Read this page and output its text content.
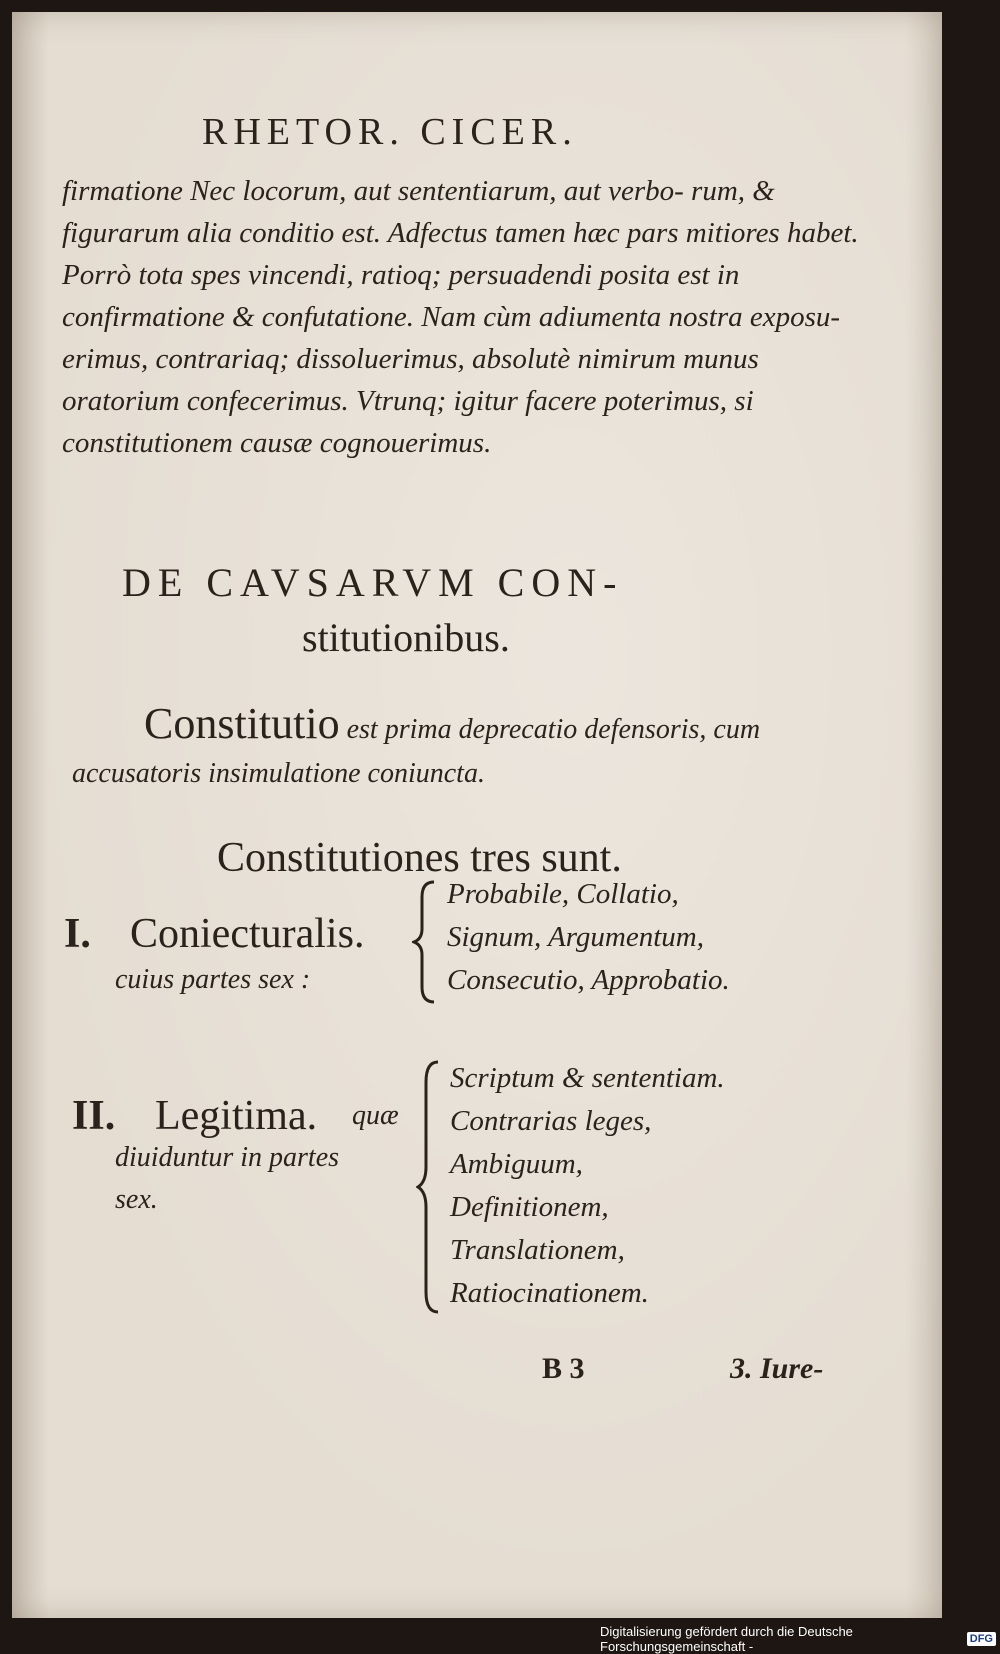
RHETOR. CICER.

firmatione Nec locorum, aut sententiarum, aut verbo- rum, & figurarum alia conditio est. Adfectus tamen hæc pars mitiores habet. Porrò tota spes vincendi, ratioq; persuadendi posita est in confirmatione & confutatione. Nam cùm adiumenta nostra exposu- erimus, contrariaq; dissoluerimus, absolutè nimirum munus oratorium confecerimus. Vtrunq; igitur facere poterimus, si constitutionem causæ cognouerimus.

DE CAVSARVM CON-
stitutionibus.

Constitutio est prima deprecatio defensoris, cum accusatoris insimulatione coniuncta.

Constitutiones tres sunt.
I. Coniecturalis.
cuius partes sex :
Probabile, Collatio,
Signum, Argumentum,
Consecutio, Approbatio.
II. Legitima. quæ
diuiduntur in partes
sex.
Scriptum & sententiam.
Contrarias leges,
Ambiguum,
Definitionem,
Translationem,
Ratiocinationem.
B 3	3. Iure-
Digitalisierung gefördert durch die Deutsche Forschungsgemeinschaft -	DFG
